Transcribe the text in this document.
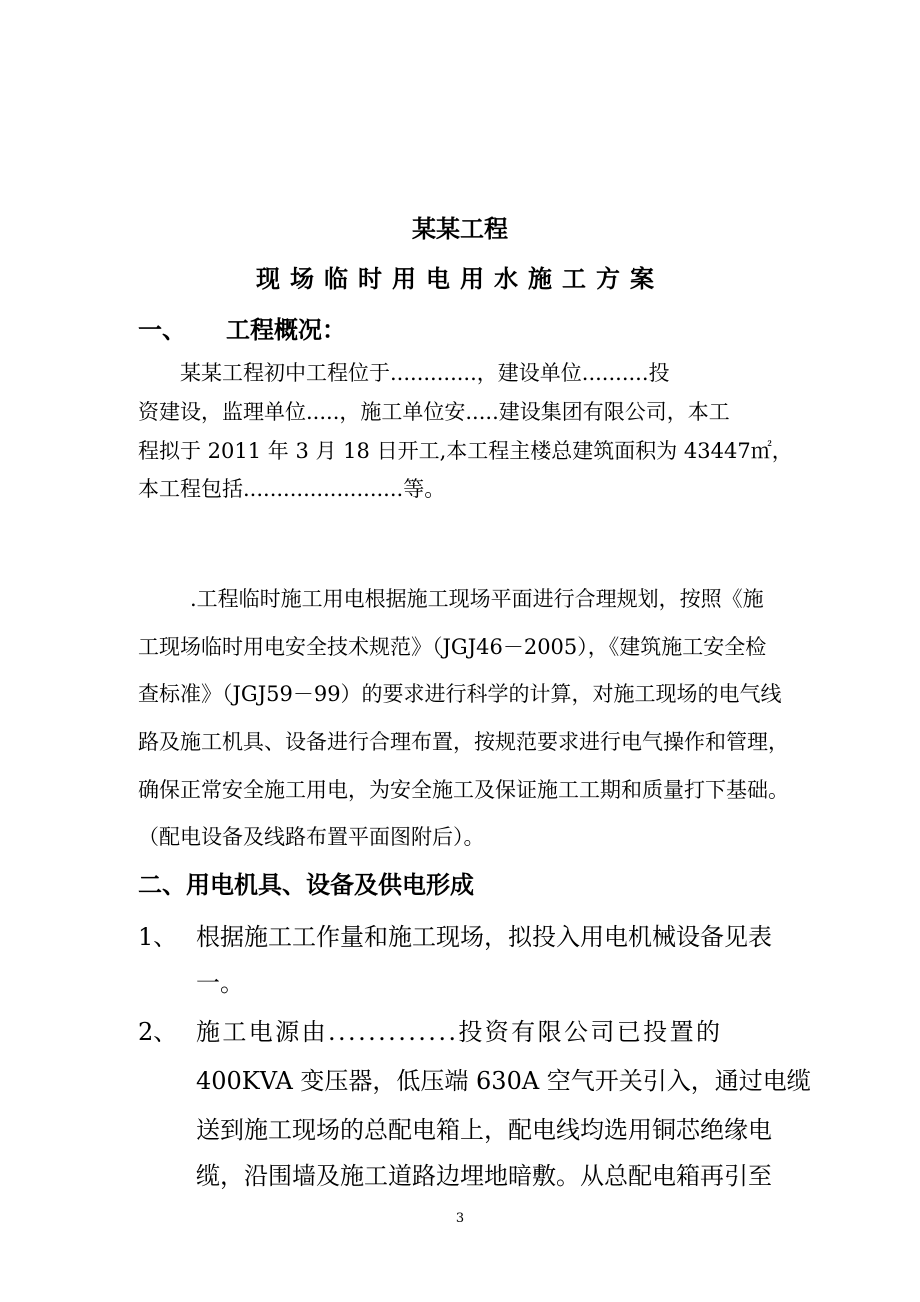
某某工程
现场临时用电用水施工方案
一、 工程概况：
某某工程初中工程位于.............，建设单位..........投
资建设，监理单位.....，施工单位安.....建设集团有限公司，本工
程拟于 2011 年 3 月 18 日开工,本工程主楼总建筑面积为 43447㎡，
本工程包括........................等。
.工程临时施工用电根据施工现场平面进行合理规划，按照《施
工现场临时用电安全技术规范》（JGJ46－2005），《建筑施工安全检
查标准》（JGJ59－99）的要求进行科学的计算，对施工现场的电气线
路及施工机具、设备进行合理布置，按规范要求进行电气操作和管理，
确保正常安全施工用电，为安全施工及保证施工工期和质量打下基础。
（配电设备及线路布置平面图附后）。
二、用电机具、设备及供电形成
1、 根据施工工作量和施工现场，拟投入用电机械设备见表
一。
2、 施工电源由.............投资有限公司已投置的
400KVA 变压器，低压端 630A 空气开关引入，通过电缆
送到施工现场的总配电箱上，配电线均选用铜芯绝缘电
缆，沿围墙及施工道路边埋地暗敷。从总配电箱再引至
3
